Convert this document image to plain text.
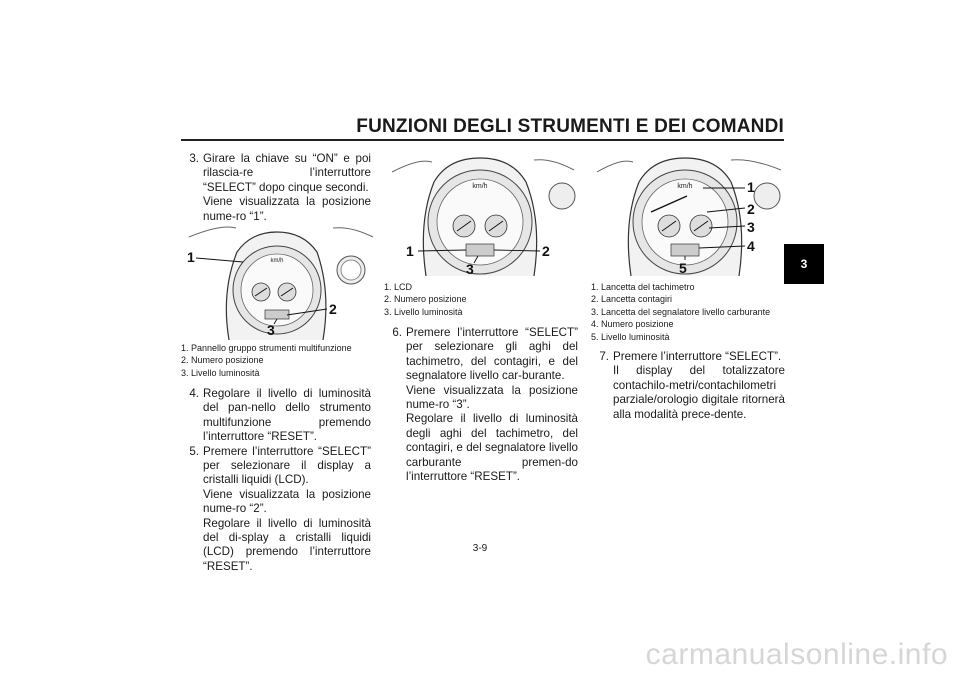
FUNZIONI DEGLI STRUMENTI E DEI COMANDI
3
3. Girare la chiave su “ON” e poi rilascia-re l’interruttore “SELECT” dopo cinque secondi.

Viene visualizzata la posizione nume-ro “1”.

km/h
1
2
3
1. Pannello gruppo strumenti multifunzione
2. Numero posizione
3. Livello luminosità
4. Regolare il livello di luminosità del pan-nello dello strumento multifunzione premendo l’interruttore “RESET”.

5. Premere l’interruttore “SELECT” per selezionare il display a cristalli liquidi (LCD).

Viene visualizzata la posizione nume-ro “2”.

Regolare il livello di luminosità del di-splay a cristalli liquidi (LCD) premendo l’interruttore “RESET”.

km/h
1	2
3
1. LCD
2. Numero posizione
3. Livello luminosità
6. Premere l’interruttore “SELECT” per selezionare gli aghi del tachimetro, del contagiri, e del segnalatore livello car-burante.

Viene visualizzata la posizione nume-ro “3”.

Regolare il livello di luminosità degli aghi del tachimetro, del contagiri, e del segnalatore livello carburante premen-do l’interruttore “RESET”.

km/h	1
2
3
4
5
1. Lancetta del tachimetro
2. Lancetta contagiri
3. Lancetta del segnalatore livello carburante
4. Numero posizione
5. Livello luminosità
7. Premere l’interruttore “SELECT”.

Il display del totalizzatore contachilo-metri/contachilometri parziale/orologio digitale ritornerà alla modalità prece-dente.

3-9
carmanualsonline.info
